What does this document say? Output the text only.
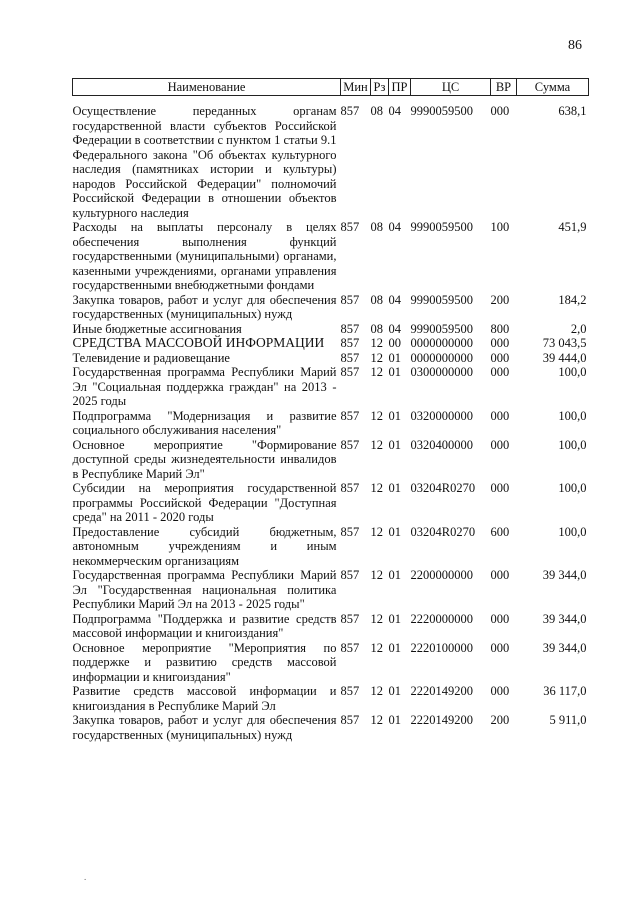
86
Наименование	Мин	Рз	ПР	ЦС	ВР	Сумма

Осуществление переданных органам государственной власти субъектов Российской Федерации в соответствии с пунктом 1 статьи 9.1 Федерального закона "Об объектах культурного наследия (памятниках истории и культуры) народов Российской Федерации" полномочий Российской Федерации в отношении объектов культурного наследия	857	08	04	9990059500	000	638,1
Расходы на выплаты персоналу в целях обеспечения выполнения функций государственными (муниципальными) органами, казенными учреждениями, органами управления государственными внебюджетными фондами	857	08	04	9990059500	100	451,9
Закупка товаров, работ и услуг для обеспечения государственных (муниципальных) нужд	857	08	04	9990059500	200	184,2
Иные бюджетные ассигнования	857	08	04	9990059500	800	2,0
СРЕДСТВА МАССОВОЙ ИНФОРМАЦИИ	857	12	00	0000000000	000	73 043,5
Телевидение и радиовещание	857	12	01	0000000000	000	39 444,0
Государственная программа Республики Марий Эл "Социальная поддержка граждан" на 2013 - 2025 годы	857	12	01	0300000000	000	100,0
Подпрограмма "Модернизация и развитие социального обслуживания населения"	857	12	01	0320000000	000	100,0
Основное мероприятие "Формирование доступной среды жизнедеятельности инвалидов в Республике Марий Эл"	857	12	01	0320400000	000	100,0
Субсидии на мероприятия государственной программы Российской Федерации "Доступная среда" на 2011 - 2020 годы	857	12	01	03204R0270	000	100,0
Предоставление субсидий бюджетным, автономным учреждениям и иным некоммерческим организациям	857	12	01	03204R0270	600	100,0
Государственная программа Республики Марий Эл "Государственная национальная политика Республики Марий Эл на 2013 - 2025 годы"	857	12	01	2200000000	000	39 344,0
Подпрограмма "Поддержка и развитие средств массовой информации и книгоиздания"	857	12	01	2220000000	000	39 344,0
Основное мероприятие "Мероприятия по поддержке и развитию средств массовой информации и книгоиздания"	857	12	01	2220100000	000	39 344,0
Развитие средств массовой информации и книгоиздания в Республике Марий Эл	857	12	01	2220149200	000	36 117,0
Закупка товаров, работ и услуг для обеспечения государственных (муниципальных) нужд	857	12	01	2220149200	200	5 911,0
.
